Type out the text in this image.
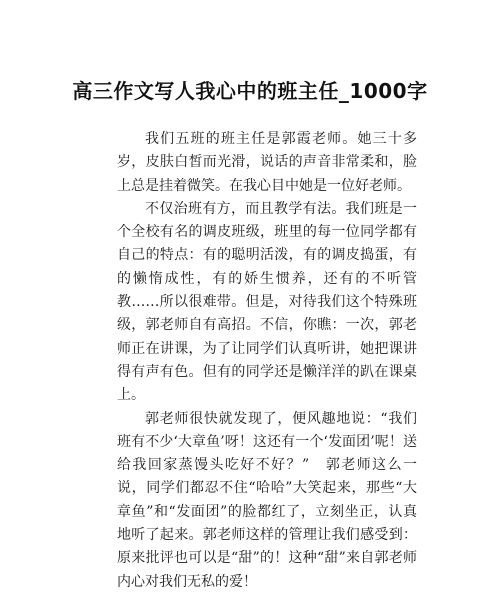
高三作文写人我心中的班主任_1000字

我们五班的班主任是郭霞老师。她三十多岁，皮肤白皙而光滑，说话的声音非常柔和，脸上总是挂着微笑。在我心目中她是一位好老师。

不仅治班有方，而且教学有法。我们班是一个全校有名的调皮班级，班里的每一位同学都有自己的特点：有的聪明活泼，有的调皮捣蛋，有的懒惰成性，有的娇生惯养，还有的不听管教……所以很难带。但是，对待我们这个特殊班级，郭老师自有高招。不信，你瞧：一次，郭老师正在讲课，为了让同学们认真听讲，她把课讲得有声有色。但有的同学还是懒洋洋的趴在课桌上。

郭老师很快就发现了，便风趣地说：“我们班有不少‘大章鱼’呀！这还有一个‘发面团’呢！送给我回家蒸馒头吃好不好？”　郭老师这么一说，同学们都忍不住“哈哈”大笑起来，那些“大章鱼”和“发面团”的脸都红了，立刻坐正，认真地听了起来。郭老师这样的管理让我们感受到：原来批评也可以是“甜”的！这种“甜”来自郭老师内心对我们无私的爱！
